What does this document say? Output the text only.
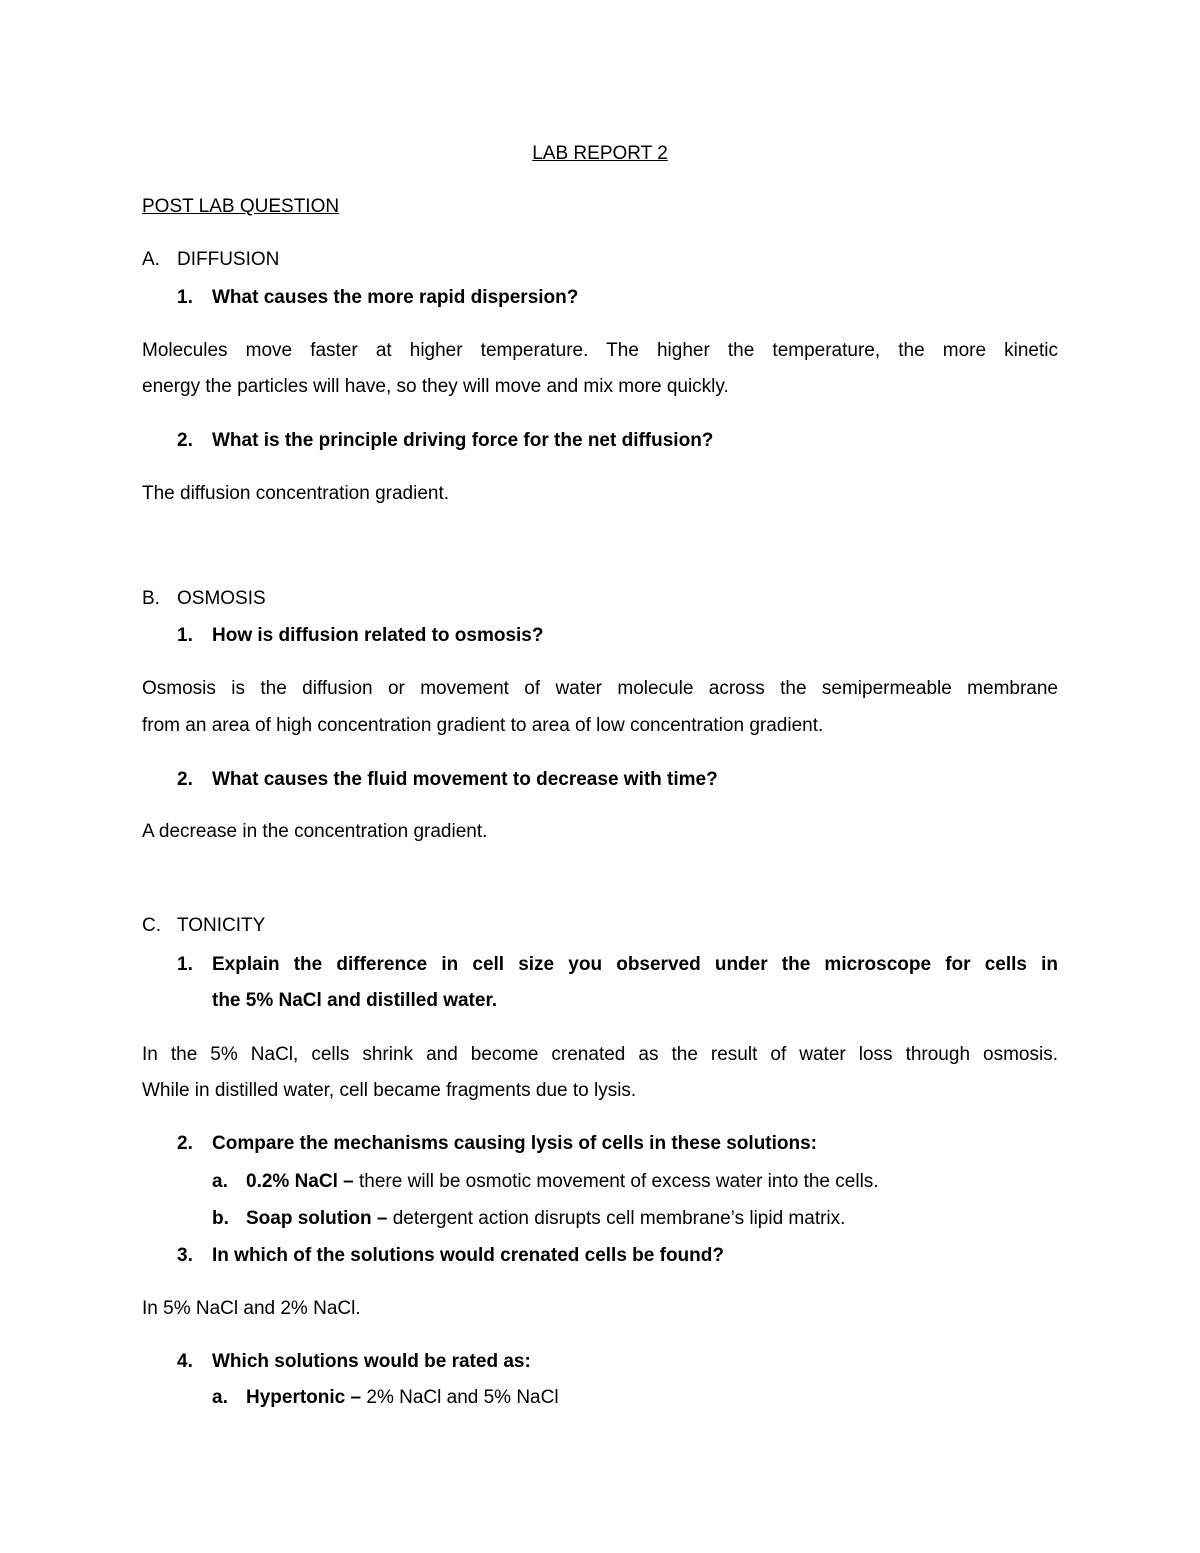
LAB REPORT 2
POST LAB QUESTION
A. DIFFUSION
1. What causes the more rapid dispersion?
Molecules move faster at higher temperature. The higher the temperature, the more kinetic
energy the particles will have, so they will move and mix more quickly.
2. What is the principle driving force for the net diffusion?
The diffusion concentration gradient.
B. OSMOSIS
1. How is diffusion related to osmosis?
Osmosis is the diffusion or movement of water molecule across the semipermeable membrane
from an area of high concentration gradient to area of low concentration gradient.
2. What causes the fluid movement to decrease with time?
A decrease in the concentration gradient.
C. TONICITY
1. Explain the difference in cell size you observed under the microscope for cells in
the 5% NaCl and distilled water.
In the 5% NaCl, cells shrink and become crenated as the result of water loss through osmosis.
While in distilled water, cell became fragments due to lysis.
2. Compare the mechanisms causing lysis of cells in these solutions:
a. 0.2% NaCl – there will be osmotic movement of excess water into the cells.
b. Soap solution – detergent action disrupts cell membrane’s lipid matrix.
3. In which of the solutions would crenated cells be found?
In 5% NaCl and 2% NaCl.
4. Which solutions would be rated as:
a. Hypertonic – 2% NaCl and 5% NaCl
